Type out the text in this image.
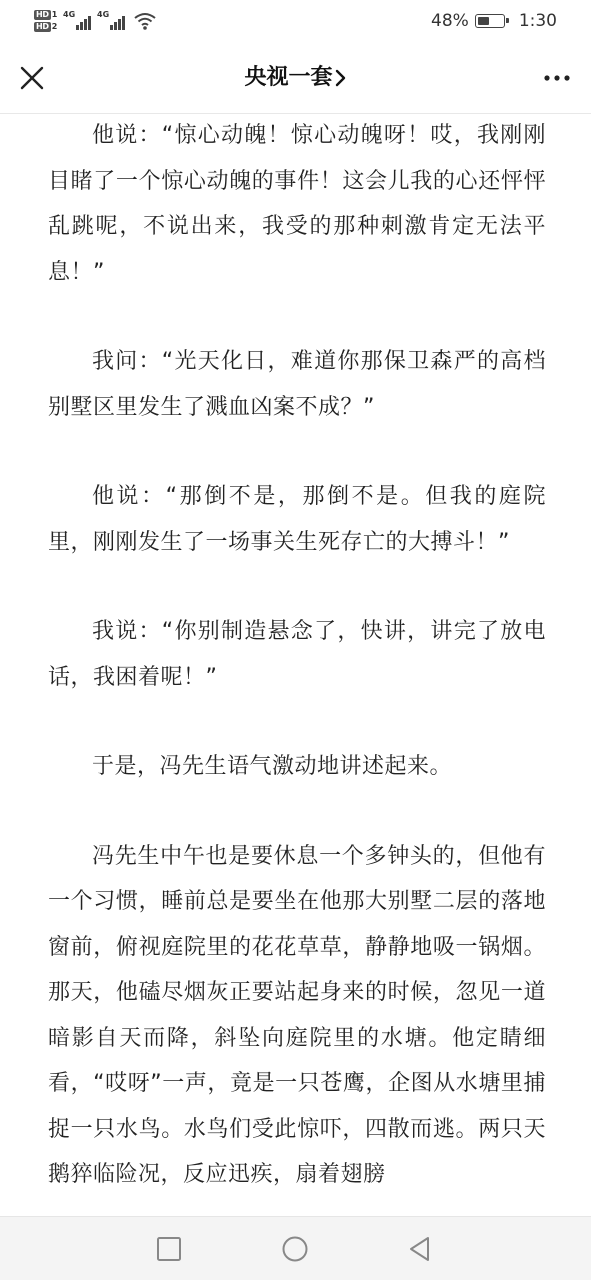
HD 1
HD 2
4G	4G	48%	1:30
央视一套

他说：“惊心动魄！惊心动魄呀！哎，我刚刚目睹了一个惊心动魄的事件！这会儿我的心还怦怦乱跳呢，不说出来，我受的那种刺激肯定无法平息！”

我问：“光天化日，难道你那保卫森严的高档别墅区里发生了溅血凶案不成？”

他说：“那倒不是，那倒不是。但我的庭院里，刚刚发生了一场事关生死存亡的大搏斗！”

我说：“你别制造悬念了，快讲，讲完了放电话，我困着呢！”

于是，冯先生语气激动地讲述起来。

冯先生中午也是要休息一个多钟头的，但他有一个习惯，睡前总是要坐在他那大别墅二层的落地窗前，俯视庭院里的花花草草，静静地吸一锅烟。那天，他磕尽烟灰正要站起身来的时候，忽见一道暗影自天而降，斜坠向庭院里的水塘。他定睛细看，“哎呀”一声，竟是一只苍鹰，企图从水塘里捕捉一只水鸟。水鸟们受此惊吓，四散而逃。两只天鹅猝临险况，反应迅疾，扇着翅膀
